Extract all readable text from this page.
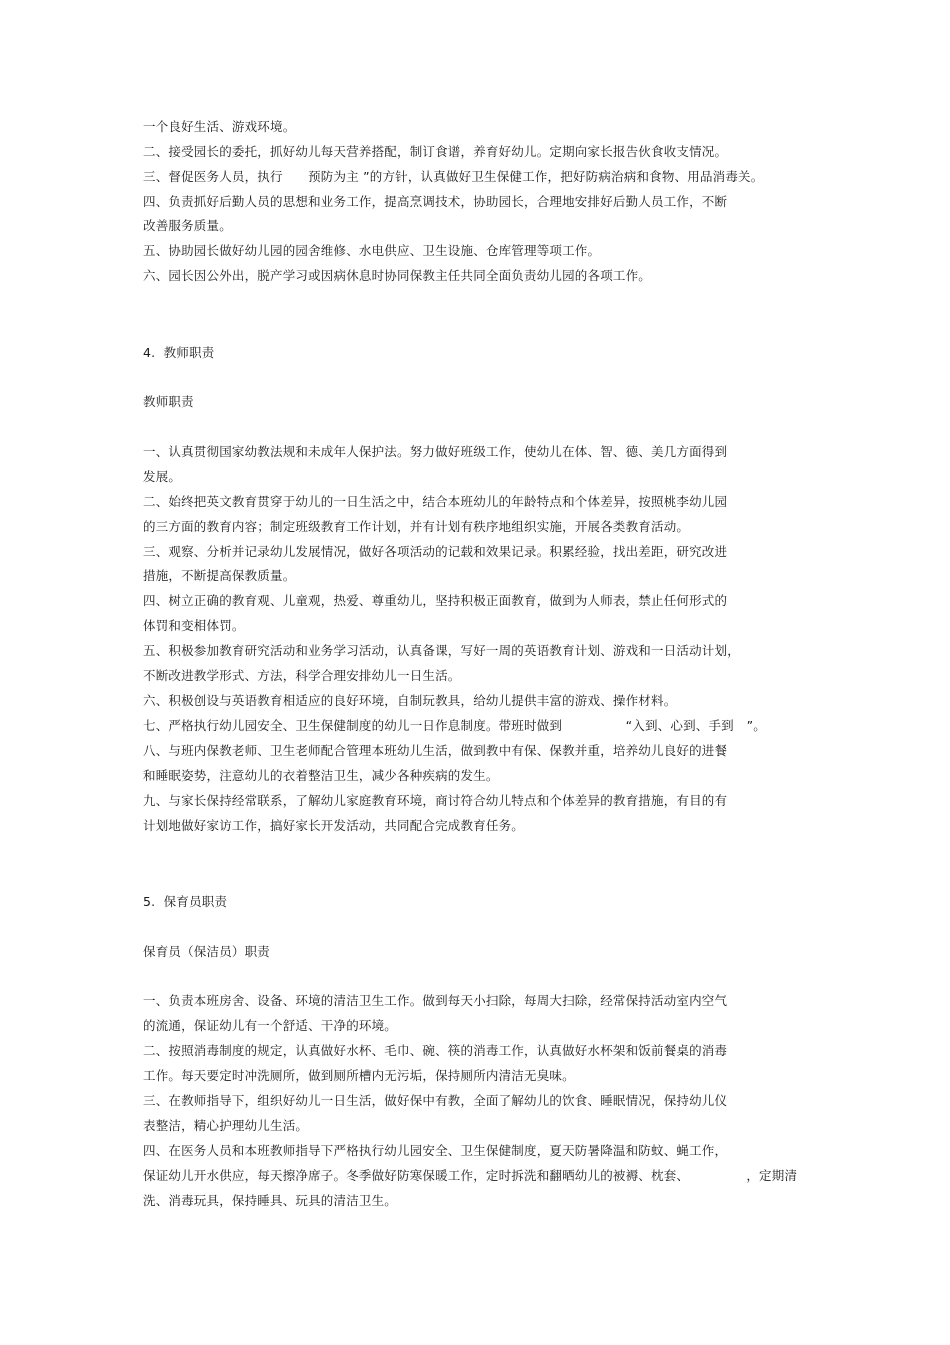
一个良好生活、游戏环境。
二、接受园长的委托，抓好幼儿每天营养搭配，制订食谱，养育好幼儿。定期向家长报告伙食收支情况。
三、督促医务人员，执行　　预防为主 ”的方针，认真做好卫生保健工作，把好防病治病和食物、用品消毒关。
四、负责抓好后勤人员的思想和业务工作，提高烹调技术，协助园长，合理地安排好后勤人员工作，不断
改善服务质量。
五、协助园长做好幼儿园的园舍维修、水电供应、卫生设施、仓库管理等项工作。
六、园长因公外出，脱产学习或因病休息时协同保教主任共同全面负责幼儿园的各项工作。
4.  教师职责
教师职责
一、认真贯彻国家幼教法规和未成年人保护法。努力做好班级工作，使幼儿在体、智、德、美几方面得到
发展。
二、始终把英文教育贯穿于幼儿的一日生活之中，结合本班幼儿的年龄特点和个体差异，按照桃李幼儿园
的三方面的教育内容；制定班级教育工作计划，并有计划有秩序地组织实施，开展各类教育活动。
三、观察、分析并记录幼儿发展情况，做好各项活动的记载和效果记录。积累经验，找出差距，研究改进
措施，不断提高保教质量。
四、树立正确的教育观、儿童观，热爱、尊重幼儿，坚持积极正面教育，做到为人师表，禁止任何形式的
体罚和变相体罚。
五、积极参加教育研究活动和业务学习活动，认真备课，写好一周的英语教育计划、游戏和一日活动计划，
不断改进教学形式、方法，科学合理安排幼儿一日生活。
六、积极创设与英语教育相适应的良好环境，自制玩教具，给幼儿提供丰富的游戏、操作材料。
七、严格执行幼儿园安全、卫生保健制度的幼儿一日作息制度。带班时做到　　　　　“入到、心到、手到　”。
八、与班内保教老师、卫生老师配合管理本班幼儿生活，做到教中有保、保教并重，培养幼儿良好的进餐
和睡眠姿势，注意幼儿的衣着整洁卫生，减少各种疾病的发生。
九、与家长保持经常联系，了解幼儿家庭教育环境，商讨符合幼儿特点和个体差异的教育措施，有目的有
计划地做好家访工作，搞好家长开发活动，共同配合完成教育任务。
5.  保育员职责
保育员（保洁员）职责
一、负责本班房舍、设备、环境的清洁卫生工作。做到每天小扫除，每周大扫除，经常保持活动室内空气
的流通，保证幼儿有一个舒适、干净的环境。
二、按照消毒制度的规定，认真做好水杯、毛巾、碗、筷的消毒工作，认真做好水杯架和饭前餐桌的消毒
工作。每天要定时冲洗厕所，做到厕所槽内无污垢，保持厕所内清洁无臭味。
三、在教师指导下，组织好幼儿一日生活，做好保中有教，全面了解幼儿的饮食、睡眠情况，保持幼儿仪
表整洁，精心护理幼儿生活。
四、在医务人员和本班教师指导下严格执行幼儿园安全、卫生保健制度，夏天防暑降温和防蚊、蝇工作，
保证幼儿开水供应，每天擦净席子。冬季做好防寒保暖工作，定时拆洗和翻晒幼儿的被褥、枕套、　　　　　，定期清
洗、消毒玩具，保持睡具、玩具的清洁卫生。
